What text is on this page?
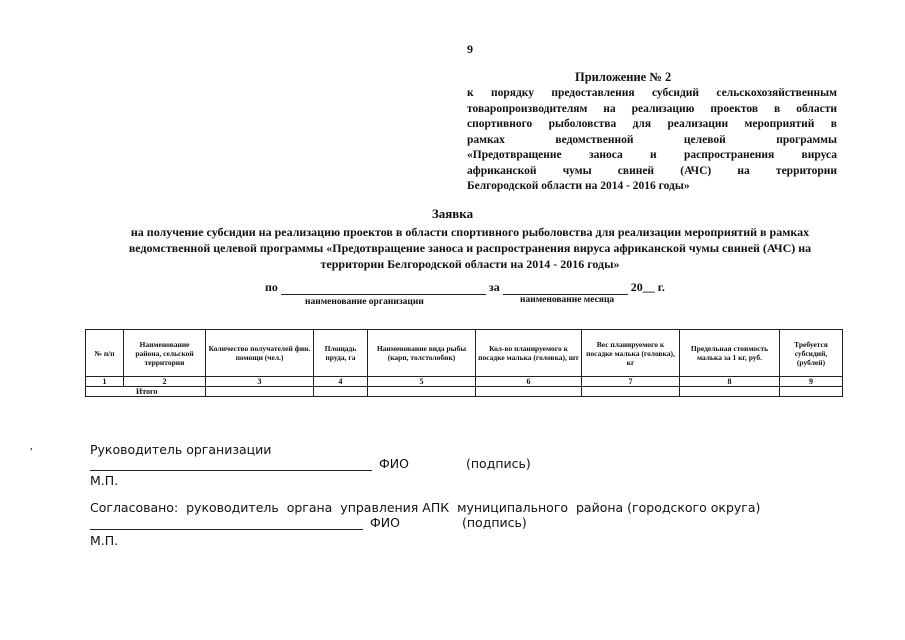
9
Приложение № 2
к порядку предоставления субсидий сельскохозяйственным
товаропроизводителям на реализацию проектов в области
спортивного рыболовства для реализации мероприятий в
рамках ведомственной целевой программы
«Предотвращение заноса и распространения вируса
африканской чумы свиней (АЧС) на территории
Белгородской области на 2014 - 2016 годы»
Заявка
на получение субсидии на реализацию проектов в области спортивного рыболовства для реализации мероприятий в рамках
ведомственной целевой программы «Предотвращение заноса и распространения вируса африканской чумы свиней (АЧС) на
территории Белгородской области на 2014 - 2016 годы»
по	за	20__ г.
наименование организации	наименование месяца
№ п/п	Наименование района, сельской территории	Количество получателей фин. помощи (чел.)	Площадь пруда, га	Наименование вида рыбы (карп, толстолобик)	Кол-во планируемого к посадке малька (головка), шт	Вес планируемого к посадке малька (головка), кг	Предельная стоимость малька за 1 кг, руб.	Требуется субсидий, (рублей)
1	2	3	4	5	6	7	8	9
Итого								
,	Руководитель организации
ФИО	(подпись)
М.П.
Согласовано:  руководитель  органа  управления АПК  муниципального  района (городского округа)
ФИО	(подпись)
М.П.
